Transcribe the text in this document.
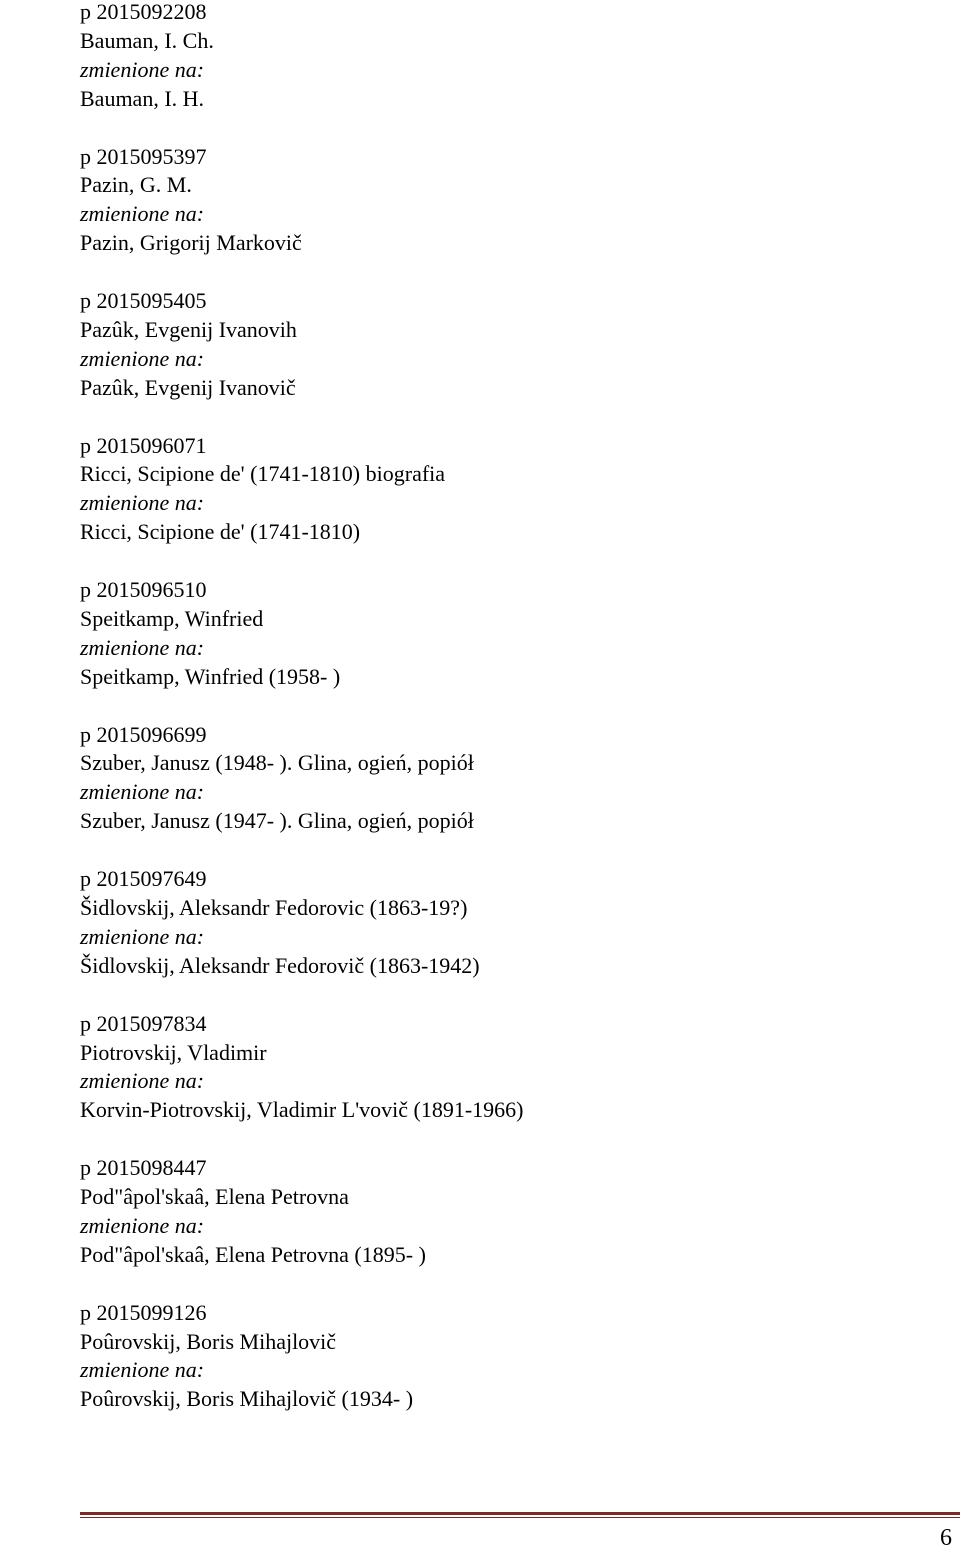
p 2015092208
Bauman, I. Ch.
zmienione na:
Bauman, I. H.
p 2015095397
Pazin, G. M.
zmienione na:
Pazin, Grigorij Markovič
p 2015095405
Pazûk, Evgenij Ivanovih
zmienione na:
Pazûk, Evgenij Ivanovič
p 2015096071
Ricci, Scipione de' (1741-1810) biografia
zmienione na:
Ricci, Scipione de' (1741-1810)
p 2015096510
Speitkamp, Winfried
zmienione na:
Speitkamp, Winfried (1958- )
p 2015096699
Szuber, Janusz (1948- ). Glina, ogień, popiół
zmienione na:
Szuber, Janusz (1947- ). Glina, ogień, popiół
p 2015097649
Šidlovskij, Aleksandr Fedorovic (1863-19?)
zmienione na:
Šidlovskij, Aleksandr Fedorovič (1863-1942)
p 2015097834
Piotrovskij, Vladimir
zmienione na:
Korvin-Piotrovskij, Vladimir L'vovič (1891-1966)
p 2015098447
Pod"âpol'skaâ, Elena Petrovna
zmienione na:
Pod"âpol'skaâ, Elena Petrovna (1895- )
p 2015099126
Poûrovskij, Boris Mihajlovič
zmienione na:
Poûrovskij, Boris Mihajlovič (1934- )
6
